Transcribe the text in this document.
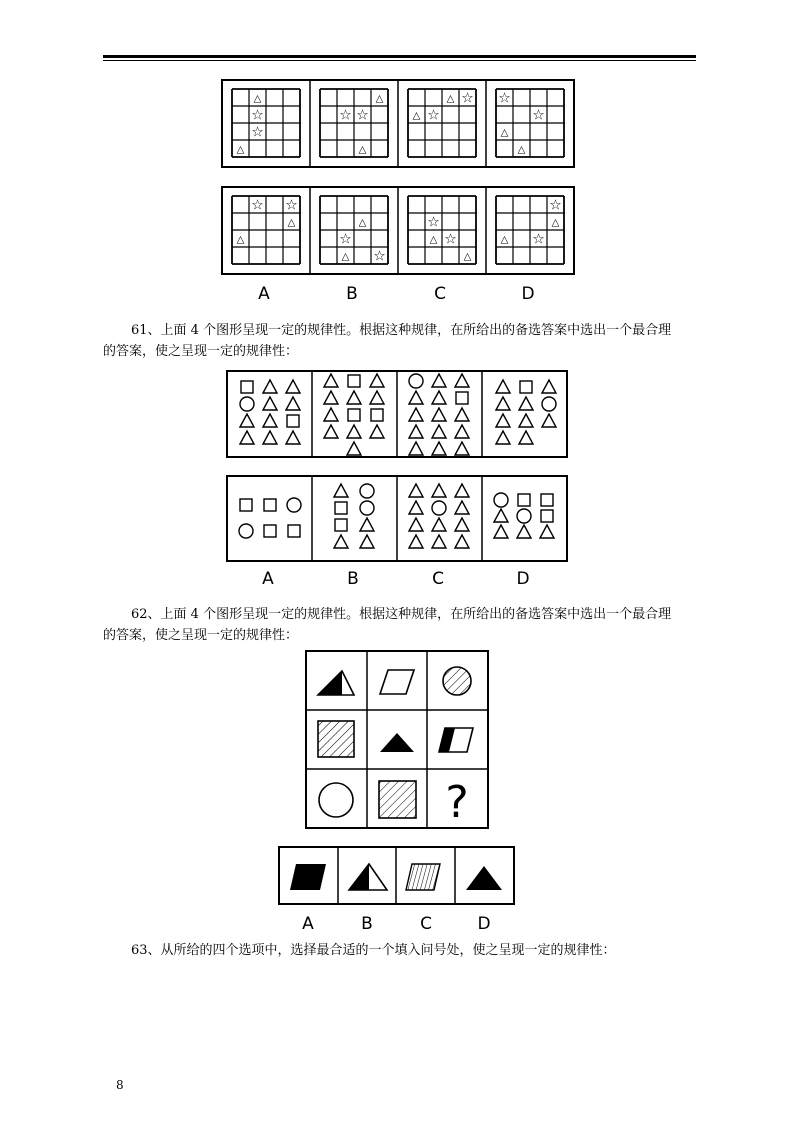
△
☆
☆
△
△
☆ ☆
△
△ ☆
△ ☆
☆
☆
△
△
☆ ☆
△
△
△
☆
△ ☆
☆
△ ☆
△
☆
△
△ ☆
A	B	C	D
61、上面 4 个图形呈现一定的规律性。根据这种规律，在所给出的备选答案中选出一个最合理
的答案，使之呈现一定的规律性：
A	B	C	D
62、上面 4 个图形呈现一定的规律性。根据这种规律，在所给出的备选答案中选出一个最合理
的答案，使之呈现一定的规律性：
?
A	B	C	D
63、从所给的四个选项中，选择最合适的一个填入问号处，使之呈现一定的规律性：
8
